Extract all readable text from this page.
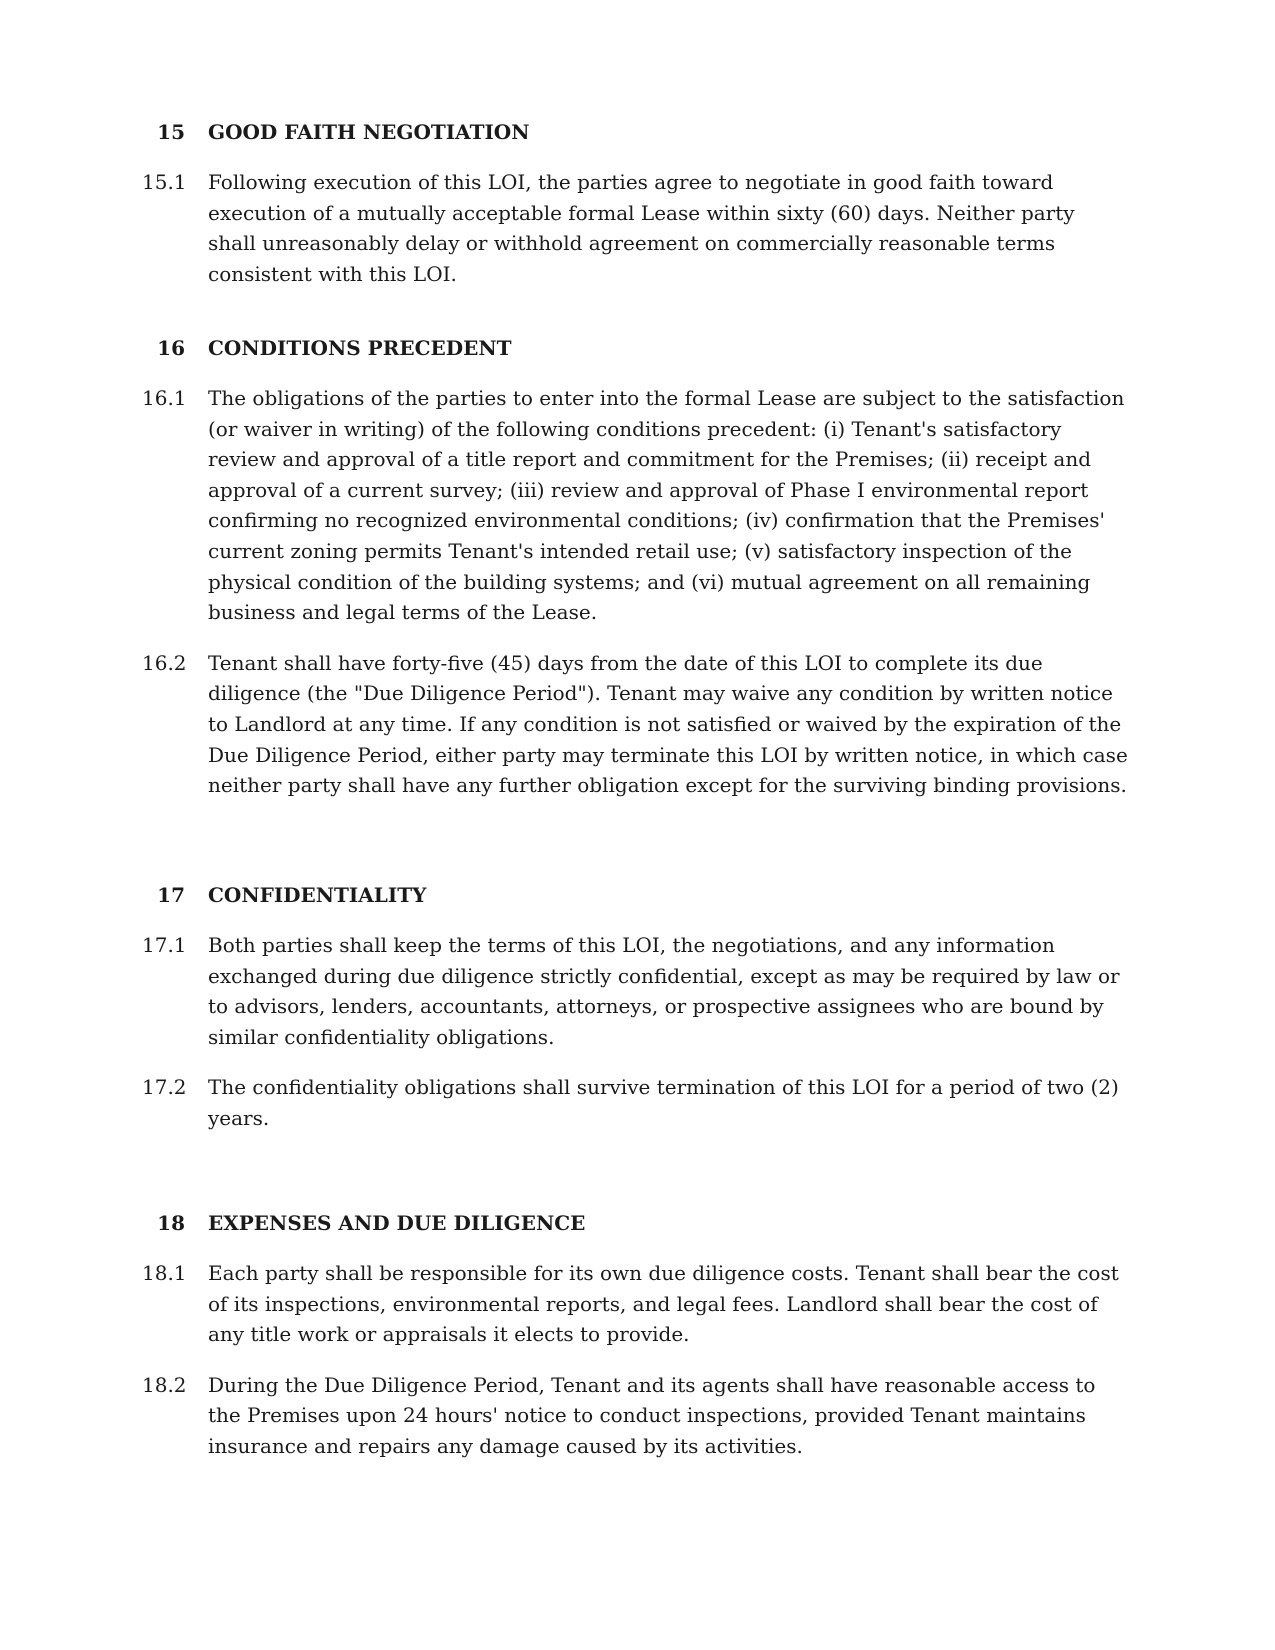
15 GOOD FAITH NEGOTIATION
15.1 Following execution of this LOI, the parties agree to negotiate in good faith toward execution of a mutually acceptable formal Lease within sixty (60) days. Neither party shall unreasonably delay or withhold agreement on commercially reasonable terms consistent with this LOI.
16 CONDITIONS PRECEDENT
16.1 The obligations of the parties to enter into the formal Lease are subject to the satisfaction (or waiver in writing) of the following conditions precedent: (i) Tenant's satisfactory review and approval of a title report and commitment for the Premises; (ii) receipt and approval of a current survey; (iii) review and approval of Phase I environmental report confirming no recognized environmental conditions; (iv) confirmation that the Premises' current zoning permits Tenant's intended retail use; (v) satisfactory inspection of the physical condition of the building systems; and (vi) mutual agreement on all remaining business and legal terms of the Lease.
16.2 Tenant shall have forty-five (45) days from the date of this LOI to complete its due diligence (the "Due Diligence Period"). Tenant may waive any condition by written notice to Landlord at any time. If any condition is not satisfied or waived by the expiration of the Due Diligence Period, either party may terminate this LOI by written notice, in which case neither party shall have any further obligation except for the surviving binding provisions.
17 CONFIDENTIALITY
17.1 Both parties shall keep the terms of this LOI, the negotiations, and any information exchanged during due diligence strictly confidential, except as may be required by law or to advisors, lenders, accountants, attorneys, or prospective assignees who are bound by similar confidentiality obligations.
17.2 The confidentiality obligations shall survive termination of this LOI for a period of two (2) years.
18 EXPENSES AND DUE DILIGENCE
18.1 Each party shall be responsible for its own due diligence costs. Tenant shall bear the cost of its inspections, environmental reports, and legal fees. Landlord shall bear the cost of any title work or appraisals it elects to provide.
18.2 During the Due Diligence Period, Tenant and its agents shall have reasonable access to the Premises upon 24 hours' notice to conduct inspections, provided Tenant maintains insurance and repairs any damage caused by its activities.
